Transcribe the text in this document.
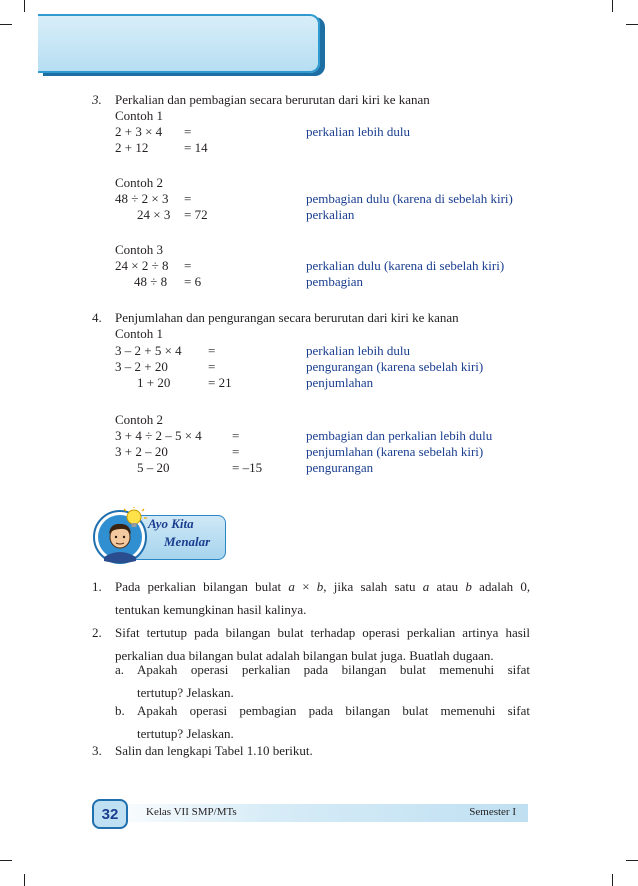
3. Perkalian dan pembagian secara berurutan dari kiri ke kanan
Contoh 1
2 + 3 × 4 =	perkalian lebih dulu
2 + 12	= 14
Contoh 2
48 ÷ 2 × 3 =	pembagian dulu (karena di sebelah kiri)
24 × 3 = 72	perkalian
Contoh 3
24 × 2 ÷ 8 =	perkalian dulu (karena di sebelah kiri)
48 ÷ 8 = 6	pembagian
4. Penjumlahan dan pengurangan secara berurutan dari kiri ke kanan
Contoh 1
3 – 2 + 5 × 4 =	perkalian lebih dulu
3 – 2 + 20	=	pengurangan (karena sebelah kiri)
1 + 20	= 21	penjumlahan
Contoh 2
3 + 4 ÷ 2 – 5 × 4 =	pembagian dan perkalian lebih dulu
3 + 2 – 20	=	penjumlahan (karena sebelah kiri)
5 – 20	= –15	pengurangan
Ayo Kita
Menalar
1. Pada perkalian bilangan bulat a × b, jika salah satu a atau b adalah 0,
tentukan kemungkinan hasil kalinya.
2. Sifat tertutup pada bilangan bulat terhadap operasi perkalian artinya hasil
perkalian dua bilangan bulat adalah bilangan bulat juga. Buatlah dugaan.
a. Apakah operasi perkalian pada bilangan bulat memenuhi sifat
tertutup? Jelaskan.
b. Apakah operasi pembagian pada bilangan bulat memenuhi sifat
tertutup? Jelaskan.
3. Salin dan lengkapi Tabel 1.10 berikut.
32	Kelas VII SMP/MTs	Semester I
